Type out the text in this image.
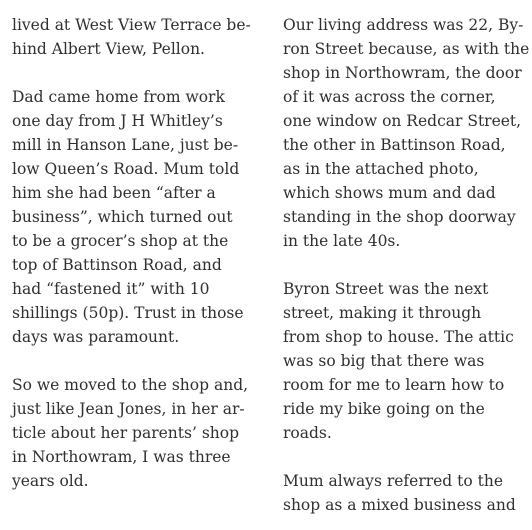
lived at West View Terrace be-
hind Albert View, Pellon.

Dad came home from work
one day from J H Whitley’s
mill in Hanson Lane, just be-
low Queen’s Road. Mum told
him she had been “after a
business”, which turned out
to be a grocer’s shop at the
top of Battinson Road, and
had “fastened it” with 10
shillings (50p). Trust in those
days was paramount.

So we moved to the shop and,
just like Jean Jones, in her ar-
ticle about her parents’ shop
in Northowram, I was three
years old.

Our living address was 22, By-
ron Street because, as with the
shop in Northowram, the door
of it was across the corner,
one window on Redcar Street,
the other in Battinson Road,
as in the attached photo,
which shows mum and dad
standing in the shop doorway
in the late 40s.

Byron Street was the next
street, making it through
from shop to house. The attic
was so big that there was
room for me to learn how to
ride my bike going on the
roads.

Mum always referred to the
shop as a mixed business and
